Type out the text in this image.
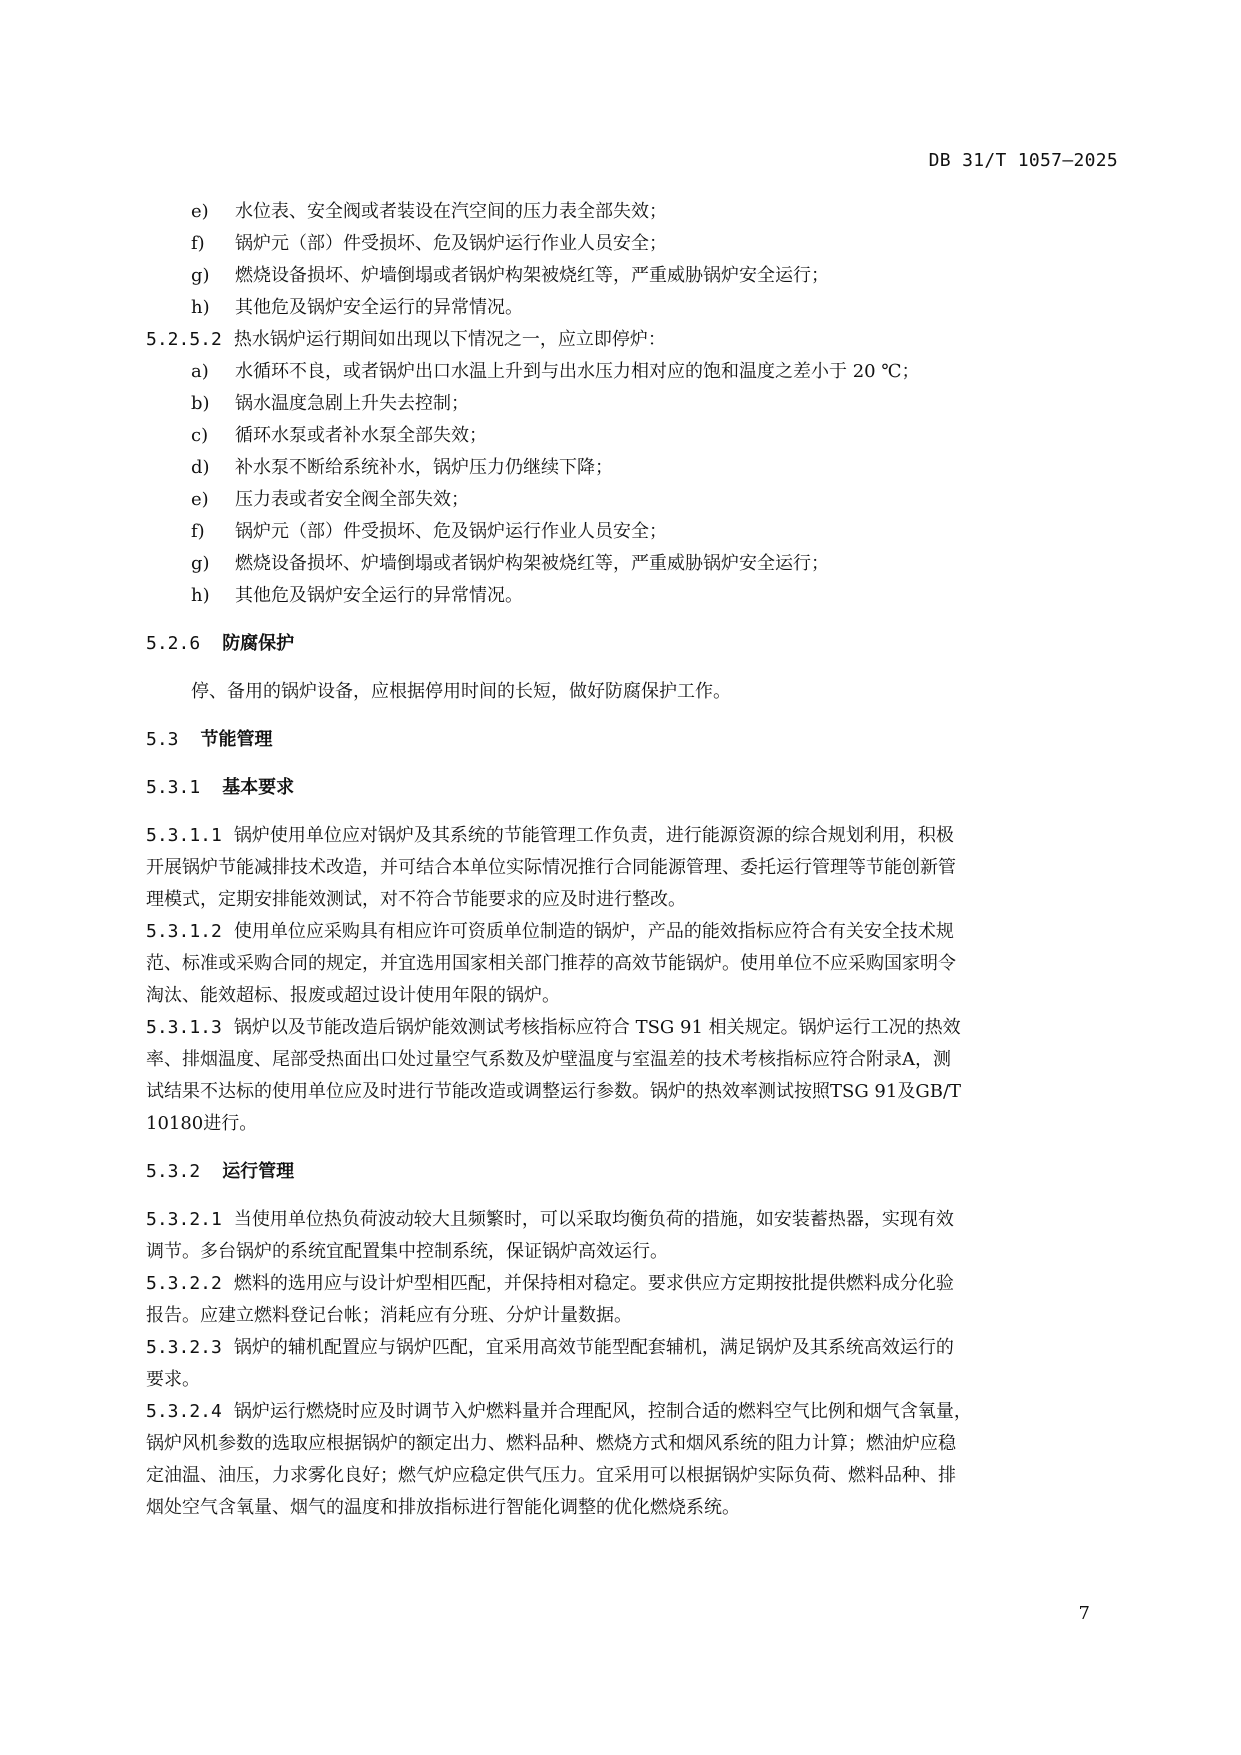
DB 31/T 1057—2025
e) 水位表、安全阀或者装设在汽空间的压力表全部失效；
f) 锅炉元（部）件受损坏、危及锅炉运行作业人员安全；
g) 燃烧设备损坏、炉墙倒塌或者锅炉构架被烧红等，严重威胁锅炉安全运行；
h) 其他危及锅炉安全运行的异常情况。
5.2.5.2 热水锅炉运行期间如出现以下情况之一，应立即停炉：
a) 水循环不良，或者锅炉出口水温上升到与出水压力相对应的饱和温度之差小于 20 ℃；
b) 锅水温度急剧上升失去控制；
c) 循环水泵或者补水泵全部失效；
d) 补水泵不断给系统补水，锅炉压力仍继续下降；
e) 压力表或者安全阀全部失效；
f) 锅炉元（部）件受损坏、危及锅炉运行作业人员安全；
g) 燃烧设备损坏、炉墙倒塌或者锅炉构架被烧红等，严重威胁锅炉安全运行；
h) 其他危及锅炉安全运行的异常情况。
5.2.6 防腐保护
停、备用的锅炉设备，应根据停用时间的长短，做好防腐保护工作。
5.3 节能管理
5.3.1 基本要求
5.3.1.1 锅炉使用单位应对锅炉及其系统的节能管理工作负责，进行能源资源的综合规划利用，积极
开展锅炉节能减排技术改造，并可结合本单位实际情况推行合同能源管理、委托运行管理等节能创新管
理模式，定期安排能效测试，对不符合节能要求的应及时进行整改。
5.3.1.2 使用单位应采购具有相应许可资质单位制造的锅炉，产品的能效指标应符合有关安全技术规
范、标准或采购合同的规定，并宜选用国家相关部门推荐的高效节能锅炉。使用单位不应采购国家明令
淘汰、能效超标、报废或超过设计使用年限的锅炉。
5.3.1.3 锅炉以及节能改造后锅炉能效测试考核指标应符合 TSG 91 相关规定。锅炉运行工况的热效
率、排烟温度、尾部受热面出口处过量空气系数及炉壁温度与室温差的技术考核指标应符合附录A，测
试结果不达标的使用单位应及时进行节能改造或调整运行参数。锅炉的热效率测试按照TSG 91及GB/T
10180进行。
5.3.2 运行管理
5.3.2.1 当使用单位热负荷波动较大且频繁时，可以采取均衡负荷的措施，如安装蓄热器，实现有效
调节。多台锅炉的系统宜配置集中控制系统，保证锅炉高效运行。
5.3.2.2 燃料的选用应与设计炉型相匹配，并保持相对稳定。要求供应方定期按批提供燃料成分化验
报告。应建立燃料登记台帐；消耗应有分班、分炉计量数据。
5.3.2.3 锅炉的辅机配置应与锅炉匹配，宜采用高效节能型配套辅机，满足锅炉及其系统高效运行的
要求。
5.3.2.4 锅炉运行燃烧时应及时调节入炉燃料量并合理配风，控制合适的燃料空气比例和烟气含氧量，
锅炉风机参数的选取应根据锅炉的额定出力、燃料品种、燃烧方式和烟风系统的阻力计算；燃油炉应稳
定油温、油压，力求雾化良好；燃气炉应稳定供气压力。宜采用可以根据锅炉实际负荷、燃料品种、排
烟处空气含氧量、烟气的温度和排放指标进行智能化调整的优化燃烧系统。
7
